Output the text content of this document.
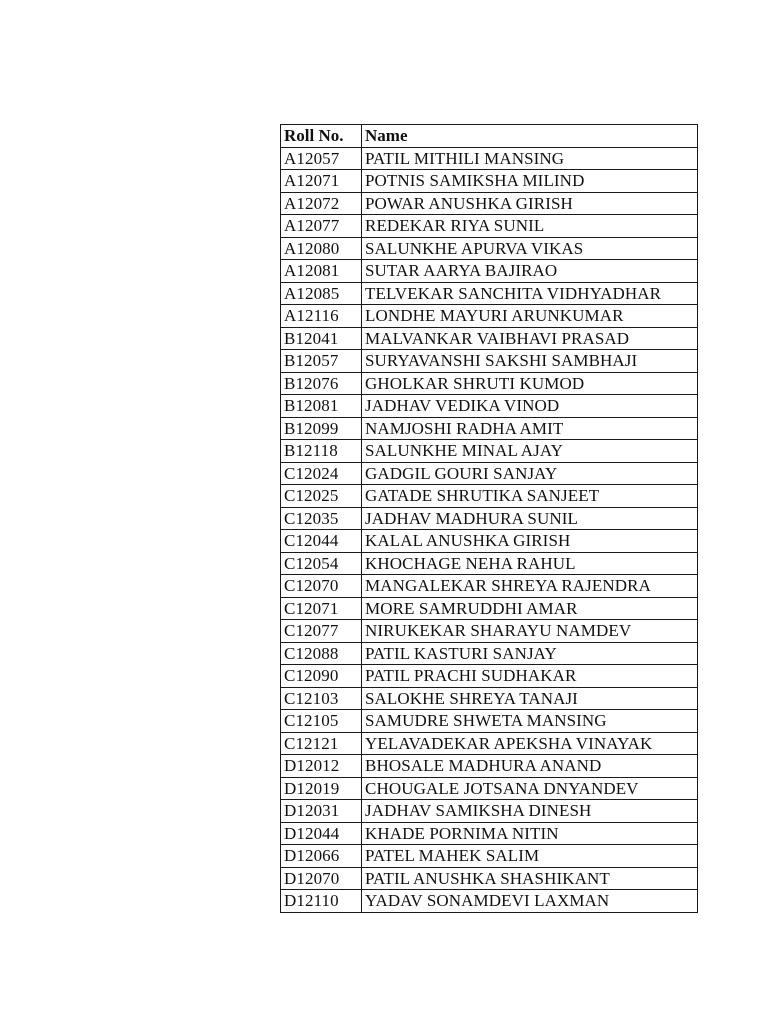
Roll No.	Name
A12057	PATIL MITHILI MANSING
A12071	POTNIS SAMIKSHA MILIND
A12072	POWAR ANUSHKA GIRISH
A12077	REDEKAR RIYA SUNIL
A12080	SALUNKHE APURVA VIKAS
A12081	SUTAR AARYA BAJIRAO
A12085	TELVEKAR SANCHITA VIDHYADHAR
A12116	LONDHE MAYURI ARUNKUMAR
B12041	MALVANKAR VAIBHAVI PRASAD
B12057	SURYAVANSHI SAKSHI SAMBHAJI
B12076	GHOLKAR SHRUTI KUMOD
B12081	JADHAV VEDIKA VINOD
B12099	NAMJOSHI RADHA AMIT
B12118	SALUNKHE MINAL AJAY
C12024	GADGIL GOURI SANJAY
C12025	GATADE SHRUTIKA SANJEET
C12035	JADHAV MADHURA SUNIL
C12044	KALAL ANUSHKA GIRISH
C12054	KHOCHAGE NEHA RAHUL
C12070	MANGALEKAR SHREYA RAJENDRA
C12071	MORE SAMRUDDHI AMAR
C12077	NIRUKEKAR SHARAYU NAMDEV
C12088	PATIL KASTURI SANJAY
C12090	PATIL PRACHI SUDHAKAR
C12103	SALOKHE SHREYA TANAJI
C12105	SAMUDRE SHWETA MANSING
C12121	YELAVADEKAR APEKSHA VINAYAK
D12012	BHOSALE MADHURA ANAND
D12019	CHOUGALE JOTSANA DNYANDEV
D12031	JADHAV SAMIKSHA DINESH
D12044	KHADE PORNIMA NITIN
D12066	PATEL MAHEK SALIM
D12070	PATIL ANUSHKA SHASHIKANT
D12110	YADAV SONAMDEVI LAXMAN
